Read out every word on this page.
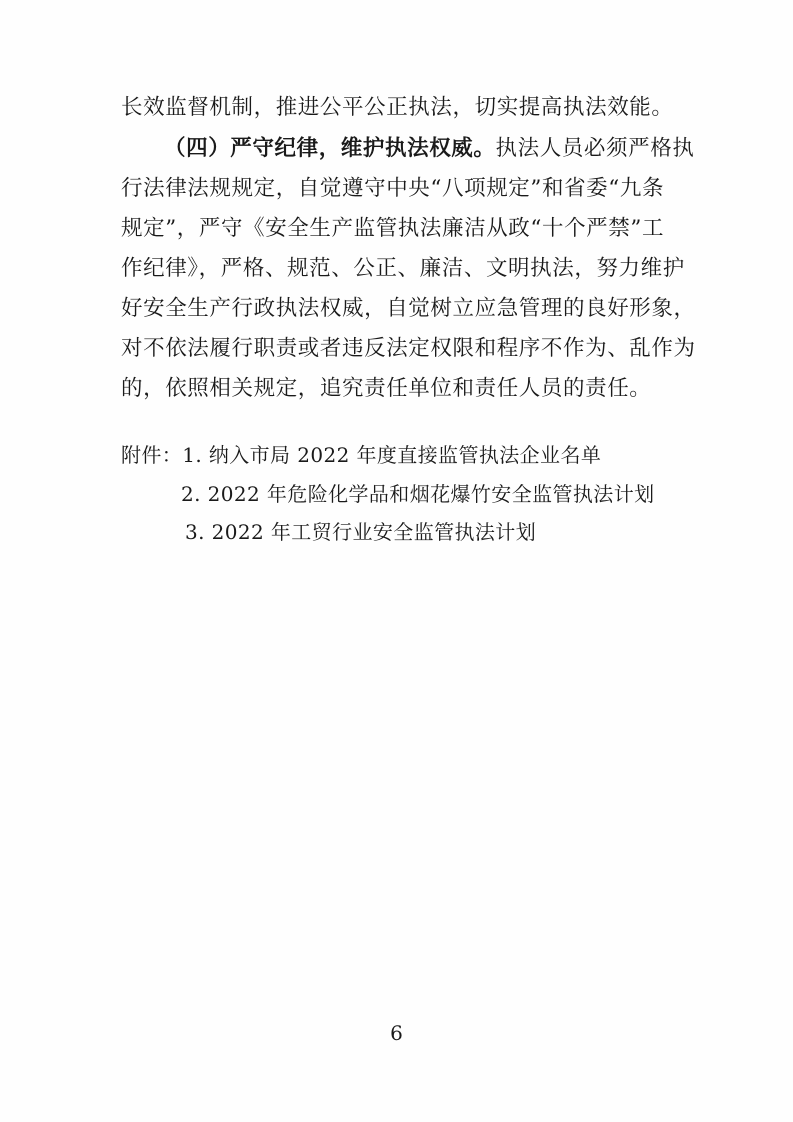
长效监督机制，推进公平公正执法，切实提高执法效能。
（四）严守纪律，维护执法权威。执法人员必须严格执
行法律法规规定，自觉遵守中央“八项规定”和省委“九条
规定”，严守《安全生产监管执法廉洁从政“十个严禁”工
作纪律》，严格、规范、公正、廉洁、文明执法，努力维护
好安全生产行政执法权威，自觉树立应急管理的良好形象，
对不依法履行职责或者违反法定权限和程序不作为、乱作为
的，依照相关规定，追究责任单位和责任人员的责任。
附件：1. 纳入市局 2022 年度直接监管执法企业名单
2. 2022 年危险化学品和烟花爆竹安全监管执法计划
3. 2022 年工贸行业安全监管执法计划
6
